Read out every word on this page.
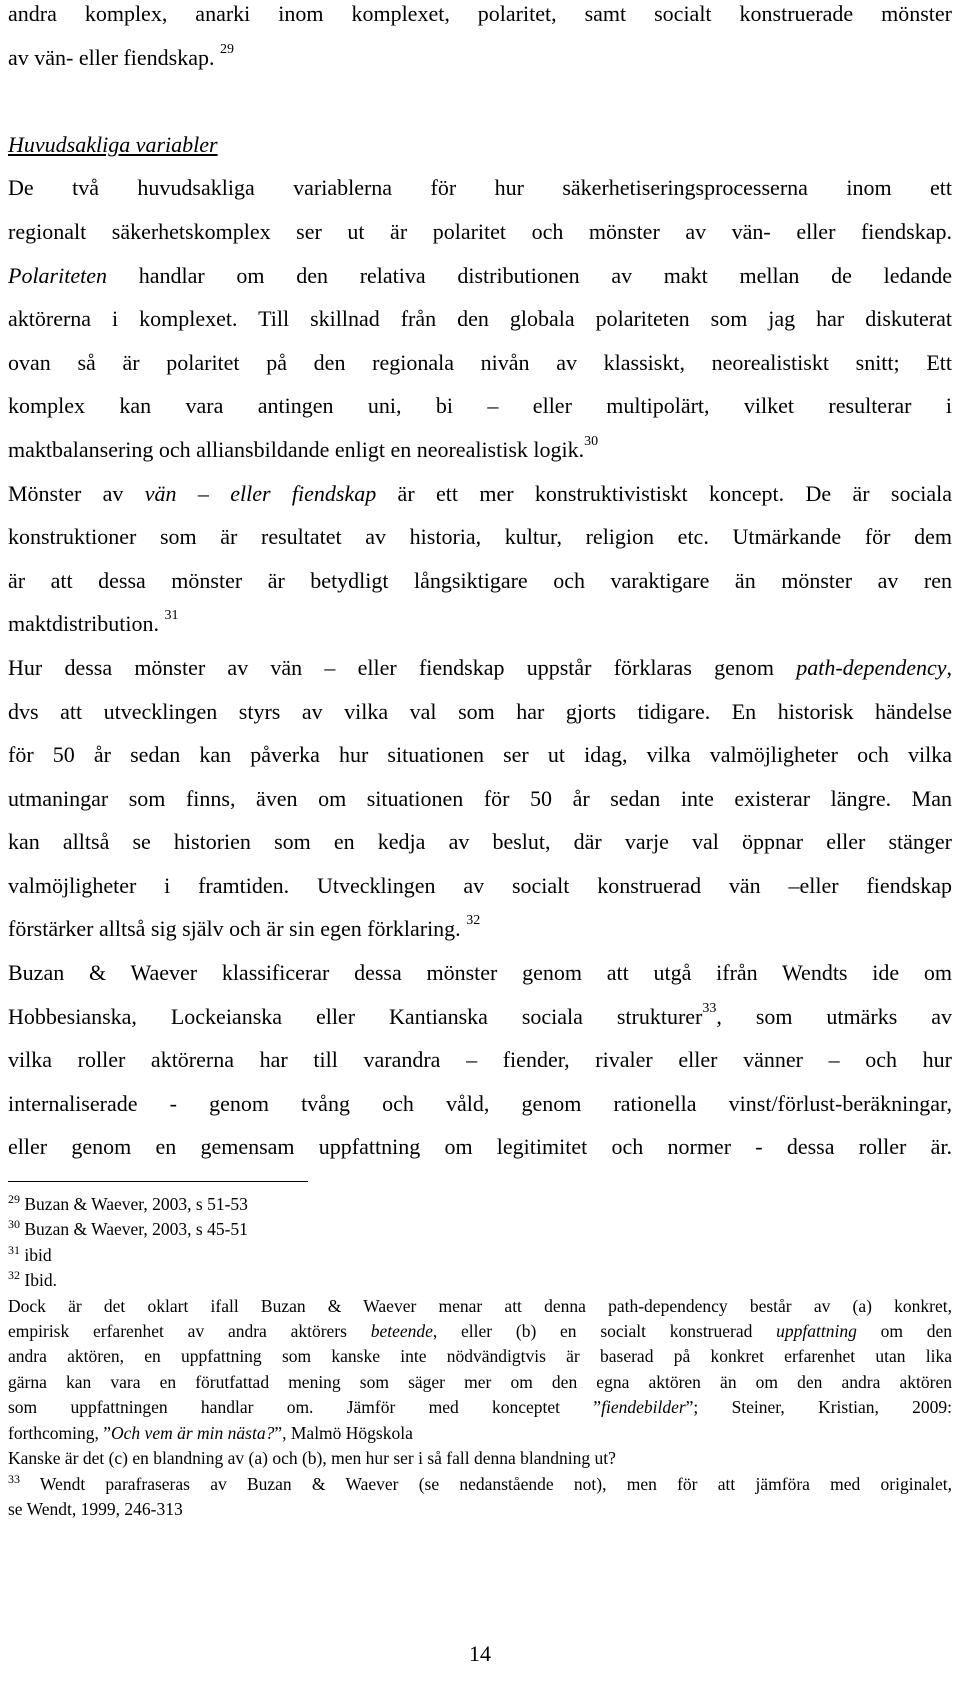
andra komplex, anarki inom komplexet, polaritet, samt socialt konstruerade mönster
av vän- eller fiendskap. $^{29}$

Huvudsakliga variabler

De två huvudsakliga variablerna för hur säkerhetiseringsprocesserna inom ett
regionalt säkerhetskomplex ser ut är polaritet och mönster av vän- eller fiendskap.
Polariteten handlar om den relativa distributionen av makt mellan de ledande
aktörerna i komplexet. Till skillnad från den globala polariteten som jag har diskuterat
ovan så är polaritet på den regionala nivån av klassiskt, neorealistiskt snitt; Ett
komplex kan vara antingen uni, bi – eller multipolärt, vilket resulterar i
maktbalansering och alliansbildande enligt en neorealistisk logik.$^{30}$

Mönster av vän – eller fiendskap är ett mer konstruktivistiskt koncept. De är sociala
konstruktioner som är resultatet av historia, kultur, religion etc. Utmärkande för dem
är att dessa mönster är betydligt långsiktigare och varaktigare än mönster av ren
maktdistribution. $^{31}$

Hur dessa mönster av vän – eller fiendskap uppstår förklaras genom path-dependency,
dvs att utvecklingen styrs av vilka val som har gjorts tidigare. En historisk händelse
för 50 år sedan kan påverka hur situationen ser ut idag, vilka valmöjligheter och vilka
utmaningar som finns, även om situationen för 50 år sedan inte existerar längre. Man
kan alltså se historien som en kedja av beslut, där varje val öppnar eller stänger
valmöjligheter i framtiden. Utvecklingen av socialt konstruerad vän –eller fiendskap
förstärker alltså sig själv och är sin egen förklaring. $^{32}$

Buzan & Waever klassificerar dessa mönster genom att utgå ifrån Wendts ide om
Hobbesianska, Lockeianska eller Kantianska sociala strukturer$^{33}$, som utmärks av
vilka roller aktörerna har till varandra – fiender, rivaler eller vänner – och hur
internaliserade - genom tvång och våld, genom rationella vinst/förlust-beräkningar,
eller genom en gemensam uppfattning om legitimitet och normer - dessa roller är.

$^{29}$ Buzan & Waever, 2003, s 51-53
$^{30}$ Buzan & Waever, 2003, s 45-51
$^{31}$ ibid
$^{32}$ Ibid.
Dock är det oklart ifall Buzan & Waever menar att denna path-dependency består av (a) konkret,
empirisk erfarenhet av andra aktörers beteende, eller (b) en socialt konstruerad uppfattning om den
andra aktören, en uppfattning som kanske inte nödvändigtvis är baserad på konkret erfarenhet utan lika
gärna kan vara en förutfattad mening som säger mer om den egna aktören än om den andra aktören
som uppfattningen handlar om. Jämför med konceptet ”fiendebilder”; Steiner, Kristian, 2009:
forthcoming, ”Och vem är min nästa?”, Malmö Högskola
Kanske är det (c) en blandning av (a) och (b), men hur ser i så fall denna blandning ut?
$^{33}$ Wendt parafraseras av Buzan & Waever (se nedanstående not), men för att jämföra med originalet,
se Wendt, 1999, 246-313
14
